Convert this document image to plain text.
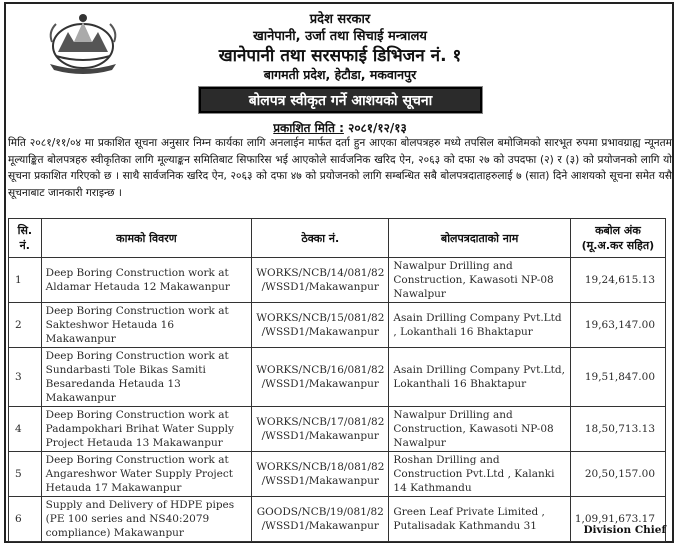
प्रदेश सरकार
खानेपानी, उर्जा तथा सिचाई मन्त्रालय
खानेपानी तथा सरसफाई डिभिजन नं. १
बागमती प्रदेश, हेटौडा, मकवानपुर
बोलपत्र स्वीकृत गर्ने आशयको सूचना
प्रकाशित मिति : २०८१/१२/१३

मिति २०८१/११/०४ मा प्रकाशित सूचना अनुसार निम्न कार्यका लागि अनलाईन मार्फत दर्ता हुन आएका बोलपत्रहरु मध्ये तपसिल बमोजिमको सारभूत रुपमा प्रभावग्राह्य न्यूनतम मूल्याङ्कित बोलपत्रहरु स्वीकृतिका लागि मूल्याङ्कन समितिबाट सिफारिस भई आएकोले सार्वजनिक खरिद ऐन, २०६३ को दफा २७ को उपदफा (२) र (३) को प्रयोजनको लागि यो सूचना प्रकाशित गरिएको छ । साथै सार्वजनिक खरिद ऐन, २०६३ को दफा ४७ को प्रयोजनको लागि सम्बन्धित सबै बोलपत्रदाताहरुलाई ७ (सात) दिने आशयको सूचना समेत यसै सूचनाबाट जानकारी गराइन्छ ।

सि. नं.	कामको विवरण	ठेक्का नं.	बोलपत्रदाताको नाम	कबोल अंक (मू.अ.कर सहित)
1	Deep Boring Construction work at Aldamar Hetauda 12 Makawanpur	WORKS/NCB/14/081/82 /WSSD1/Makawanpur	Nawalpur Drilling and Construction, Kawasoti NP-08 Nawalpur	19,24,615.13
2	Deep Boring Construction work at Sakteshwor Hetauda 16 Makawanpur	WORKS/NCB/15/081/82 /WSSD1/Makawanpur	Asain Drilling Company Pvt.Ltd , Lokanthali 16 Bhaktapur	19,63,147.00
3	Deep Boring Construction work at Sundarbasti Tole Bikas Samiti Besaredanda Hetauda 13 Makawanpur	WORKS/NCB/16/081/82 /WSSD1/Makawanpur	Asain Drilling Company Pvt.Ltd, Lokanthali 16 Bhaktapur	19,51,847.00
4	Deep Boring Construction work at Padampokhari Brihat Water Supply Project Hetauda 13 Makawanpur	WORKS/NCB/17/081/82 /WSSD1/Makawanpur	Nawalpur Drilling and Construction, Kawasoti NP-08 Nawalpur	18,50,713.13
5	Deep Boring Construction work at Angareshwor Water Supply Project Hetauda 17 Makawanpur	WORKS/NCB/18/081/82 /WSSD1/Makawanpur	Roshan Drilling and Construction Pvt.Ltd , Kalanki 14 Kathmandu	20,50,157.00
6	Supply and Delivery of HDPE pipes (PE 100 series and NS40:2079 compliance) Makawanpur	GOODS/NCB/19/081/82 /WSSD1/Makawanpur	Green Leaf Private Limited , Putalisadak Kathmandu 31	1,09,91,673.17
Division Chief
